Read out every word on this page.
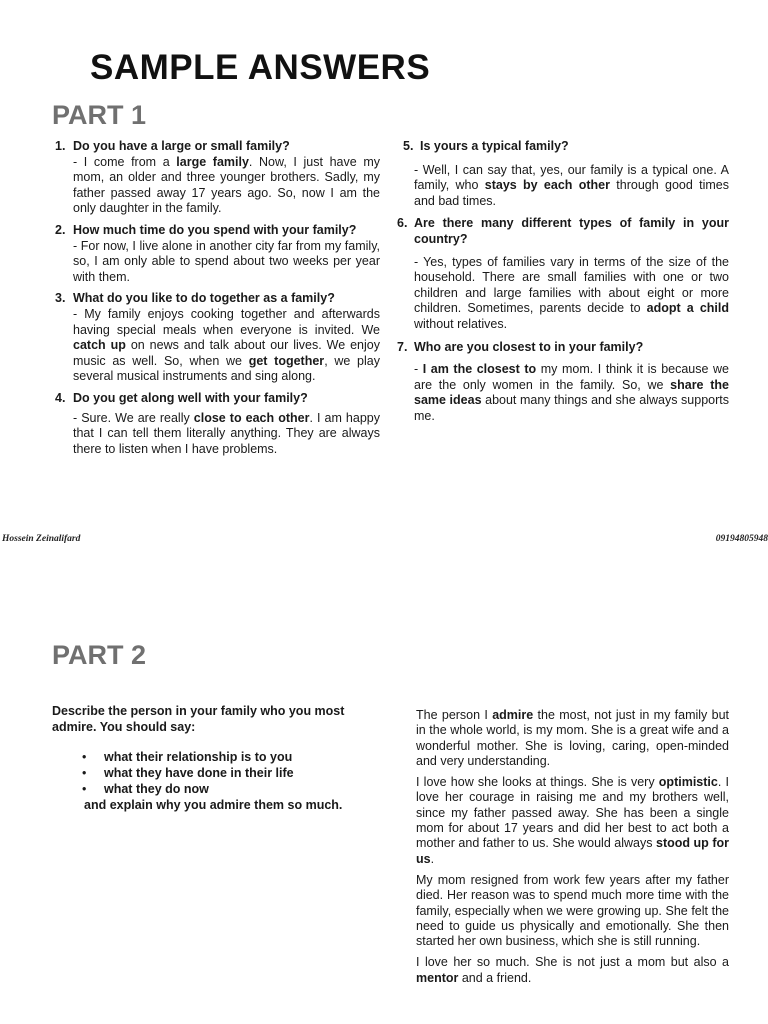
SAMPLE ANSWERS
PART 1
1. Do you have a large or small family?
- I come from a large family. Now, I just have my mom, an older and three younger brothers. Sadly, my father passed away 17 years ago. So, now I am the only daughter in the family.
2. How much time do you spend with your family?
- For now, I live alone in another city far from my family, so, I am only able to spend about two weeks per year with them.
3. What do you like to do together as a family?
- My family enjoys cooking together and afterwards having special meals when everyone is invited. We catch up on news and talk about our lives. We enjoy music as well. So, when we get together, we play several musical instruments and sing along.
4. Do you get along well with your family?
- Sure. We are really close to each other. I am happy that I can tell them literally anything. They are always there to listen when I have problems.
5. Is yours a typical family?
- Well, I can say that, yes, our family is a typical one. A family, who stays by each other through good times and bad times.
6. Are there many different types of family in your country?
- Yes, types of families vary in terms of the size of the household. There are small families with one or two children and large families with about eight or more children. Sometimes, parents decide to adopt a child without relatives.
7. Who are you closest to in your family?
- I am the closest to my mom. I think it is because we are the only women in the family. So, we share the same ideas about many things and she always supports me.
Hossein Zeinalifard	09194805948
PART 2
Describe the person in your family who you most admire. You should say:
•	what their relationship is to you
•	what they have done in their life
•	what they do now
and explain why you admire them so much.

The person I admire the most, not just in my family but in the whole world, is my mom. She is a great wife and a wonderful mother. She is loving, caring, open-minded and very understanding.

I love how she looks at things. She is very optimistic. I love her courage in raising me and my brothers well, since my father passed away. She has been a single mom for about 17 years and did her best to act both a mother and father to us. She would always stood up for us.

My mom resigned from work few years after my father died. Her reason was to spend much more time with the family, especially when we were growing up. She felt the need to guide us physically and emotionally. She then started her own business, which she is still running.

I love her so much. She is not just a mom but also a mentor and a friend.
